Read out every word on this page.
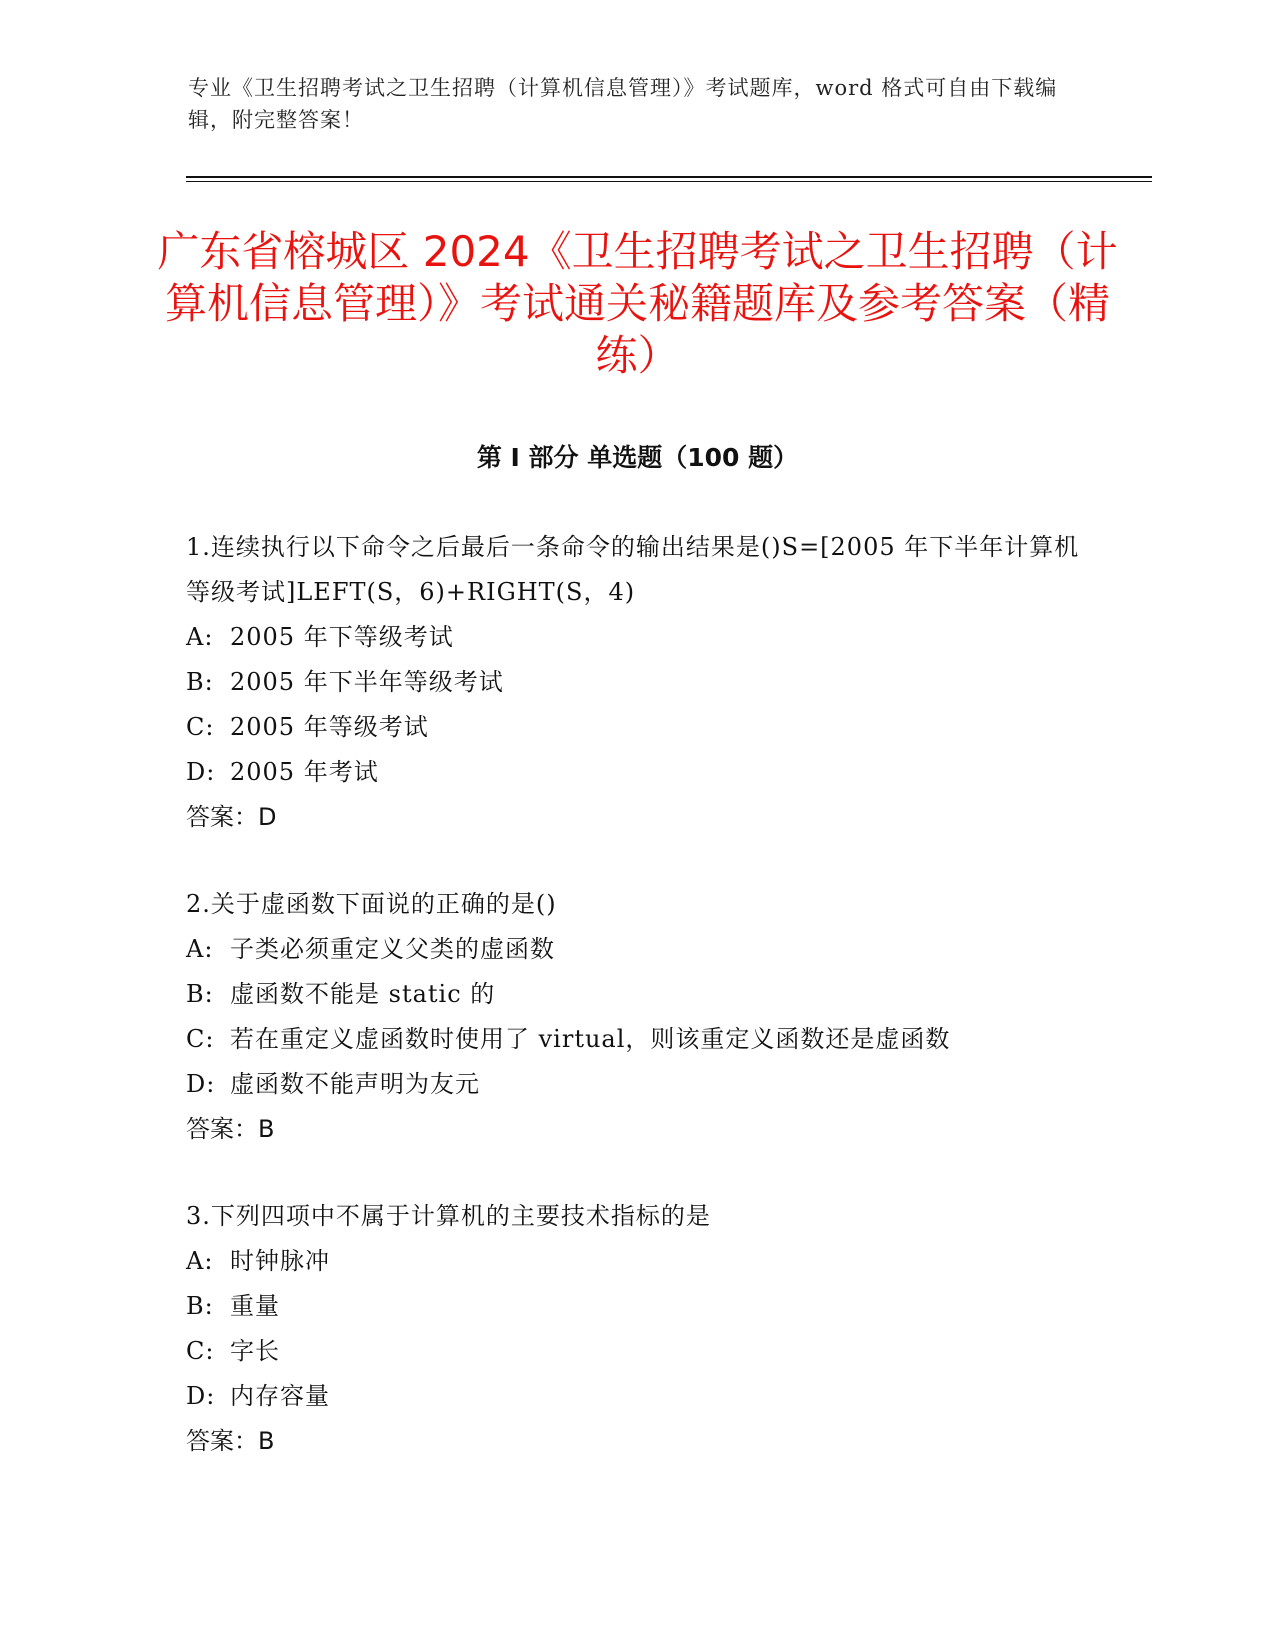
专业《卫生招聘考试之卫生招聘（计算机信息管理）》考试题库，word 格式可自由下载编辑，附完整答案！
广东省榕城区 2024《卫生招聘考试之卫生招聘（计算机信息管理）》考试通关秘籍题库及参考答案（精练）
第 I 部分 单选题（100 题）
1.连续执行以下命令之后最后一条命令的输出结果是()S=[2005 年下半年计算机等级考试]LEFT(S，6)+RIGHT(S，4)
A: 2005 年下等级考试
B: 2005 年下半年等级考试
C: 2005 年等级考试
D: 2005 年考试
答案：D
2.关于虚函数下面说的正确的是()
A: 子类必须重定义父类的虚函数
B: 虚函数不能是 static 的
C: 若在重定义虚函数时使用了 virtual，则该重定义函数还是虚函数
D: 虚函数不能声明为友元
答案：B
3.下列四项中不属于计算机的主要技术指标的是
A: 时钟脉冲
B: 重量
C: 字长
D: 内存容量
答案：B
